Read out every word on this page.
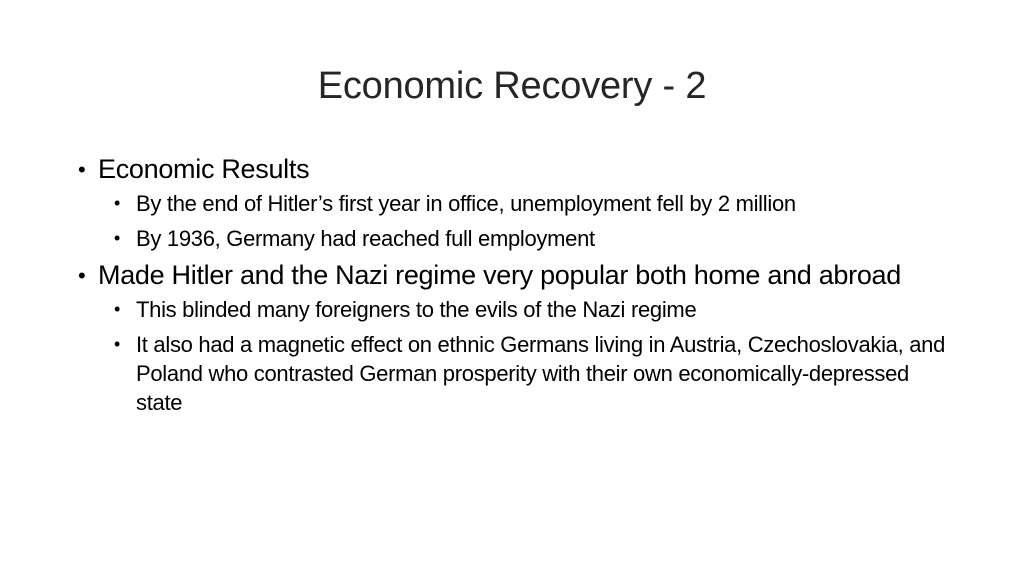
Economic Recovery - 2
• Economic Results
• By the end of Hitler’s first year in office, unemployment fell by 2 million
• By 1936, Germany had reached full employment
• Made Hitler and the Nazi regime very popular both home and abroad
• This blinded many foreigners to the evils of the Nazi regime
• It also had a magnetic effect on ethnic Germans living in Austria, Czechoslovakia, and Poland who contrasted German prosperity with their own economically-depressed state
